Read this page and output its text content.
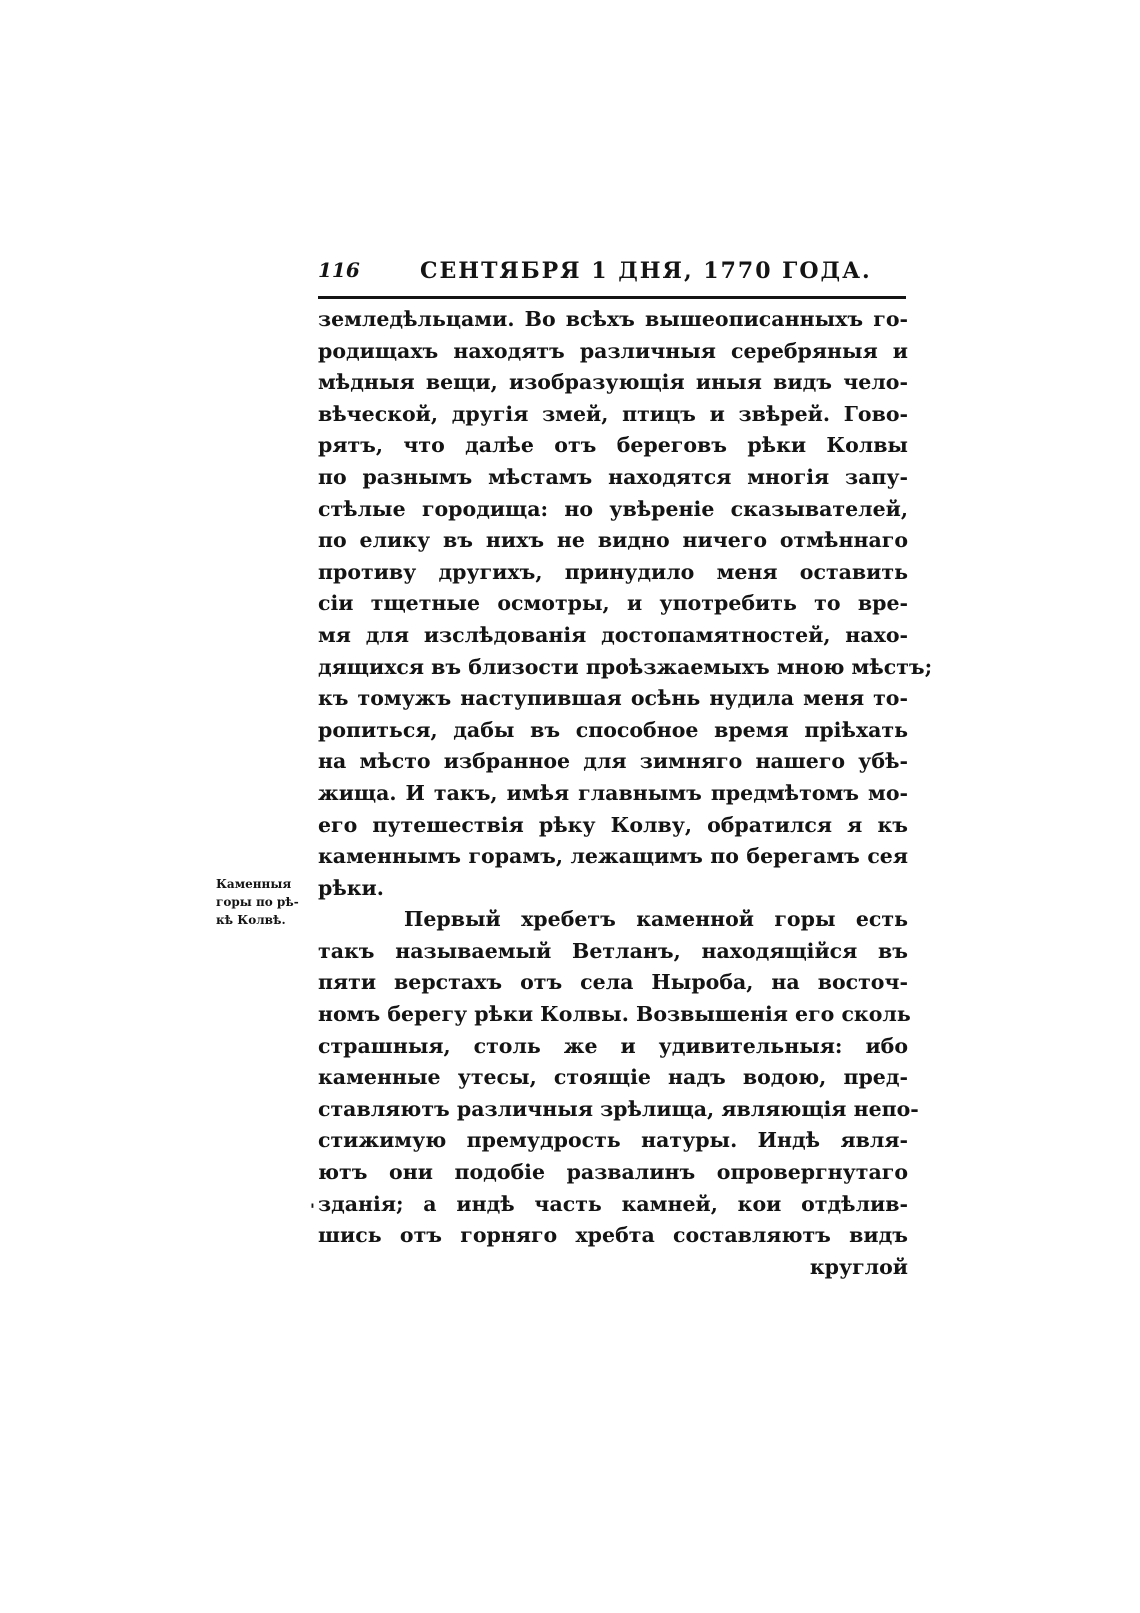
116	СЕНТЯБРЯ 1 ДНЯ, 1770 ГОДА.
Каменныя
горы по рѣ-
кѣ Колвѣ.
земледѣльцами. Во всѣхъ вышеописанныхъ го-
родищахъ находятъ различныя серебряныя и
мѣдныя вещи, изобразующія иныя видъ чело-
вѣческой, другія змей, птицъ и звѣрей. Гово-
рятъ, что далѣе отъ береговъ рѣки Колвы
по разнымъ мѣстамъ находятся многія запу-
стѣлые городища: но увѣреніе сказывателей,
по елику въ нихъ не видно ничего отмѣннаго
противу другихъ, принудило меня оставить
сіи тщетные осмотры, и употребить то вре-
мя для изслѣдованія достопамятностей, нахо-
дящихся въ близости проѣзжаемыхъ мною мѣстъ;
къ томужъ наступившая осѣнь нудила меня то-
ропиться, дабы въ способное время пріѣхать
на мѣсто избранное для зимняго нашего убѣ-
жища. И такъ, имѣя главнымъ предмѣтомъ мо-
его путешествія рѣку Колву, обратился я къ
каменнымъ горамъ, лежащимъ по берегамъ сея
рѣки.
Первый хребетъ каменной горы есть
такъ называемый Ветланъ, находящійся въ
пяти верстахъ отъ села Ныроба, на восточ-
номъ берегу рѣки Колвы. Возвышенія его сколь
страшныя, столь же и удивительныя: ибо
каменные утесы, стоящіе надъ водою, пред-
ставляютъ различныя зрѣлища, являющія непо-
стижимую премудрость натуры. Индѣ явля-
ютъ они подобіе развалинъ опровергнутаго
зданія; а индѣ часть камней, кои отдѣлив-
шись отъ горняго хребта составляютъ видъ
круглой
'
